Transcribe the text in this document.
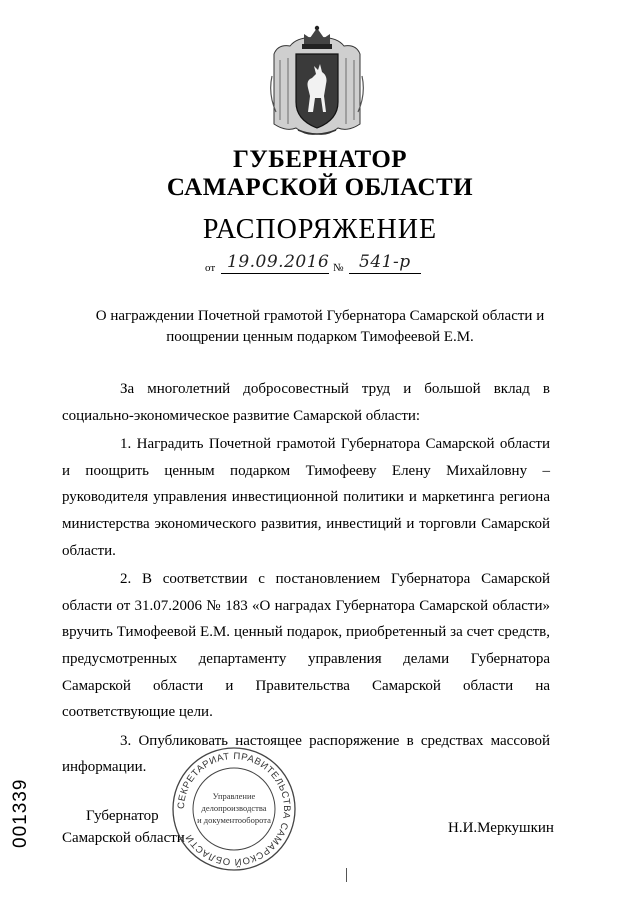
ГУБЕРНАТОР
САМАРСКОЙ ОБЛАСТИ
РАСПОРЯЖЕНИЕ
от 19.09.2016 № 541-р
О награждении Почетной грамотой Губернатора Самарской области и
поощрении ценным подарком Тимофеевой Е.М.

За многолетний добросовестный труд и большой вклад в социально-экономическое развитие Самарской области:

1. Наградить Почетной грамотой Губернатора Самарской области и поощрить ценным подарком Тимофееву Елену Михайловну – руководителя управления инвестиционной политики и маркетинга региона министерства экономического развития, инвестиций и торговли Самарской области.

2. В соответствии с постановлением Губернатора Самарской области от 31.07.2006 № 183 «О наградах Губернатора Самарской области» вручить Тимофеевой Е.М. ценный подарок, приобретенный за счет средств, предусмотренных департаменту управления делами Губернатора Самарской области и Правительства Самарской области на соответствующие цели.

3. Опубликовать настоящее распоряжение в средствах массовой информации.

Губернатор
Самарской области
Н.И.Меркушкин
СЕКРЕТАРИАТ ПРАВИТЕЛЬСТВА САМАРСКОЙ ОБЛАСТИ
Управление
делопроизводства
и документооборота
001339
